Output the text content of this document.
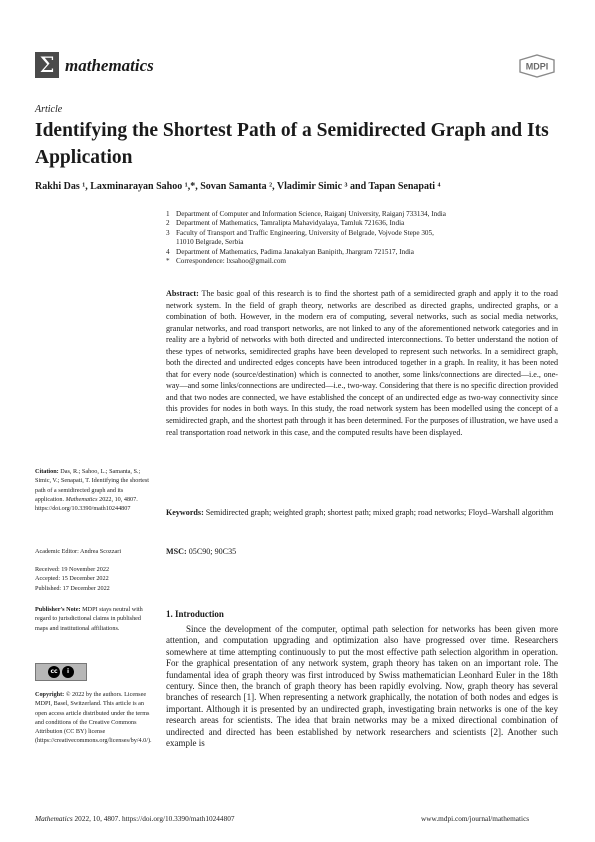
Σ mathematics	MDPI
Article
Identifying the Shortest Path of a Semidirected Graph and Its Application
Rakhi Das ¹, Laxminarayan Sahoo ¹,*, Sovan Samanta ², Vladimir Simic ³ and Tapan Senapati ⁴
1 Department of Computer and Information Science, Raiganj University, Raiganj 733134, India
2 Department of Mathematics, Tamralipta Mahavidyalaya, Tamluk 721636, India
3 Faculty of Transport and Traffic Engineering, University of Belgrade, Vojvode Stepe 305, 11010 Belgrade, Serbia
4 Department of Mathematics, Padima Janakalyan Banipith, Jhargram 721517, India
* Correspondence: lxsahoo@gmail.com
Abstract: The basic goal of this research is to find the shortest path of a semidirected graph and apply it to the road network system. In the field of graph theory, networks are described as directed graphs, undirected graphs, or a combination of both. However, in the modern era of computing, several networks, such as social media networks, granular networks, and road transport networks, are not linked to any of the aforementioned network categories and in reality are a hybrid of networks with both directed and undirected interconnections. To better understand the notion of these types of networks, semidirected graphs have been developed to represent such networks. In a semidirect graph, both the directed and undirected edges concepts have been introduced together in a graph. In reality, it has been noted that for every node (source/destination) which is connected to another, some links/connections are directed—i.e., one-way—and some links/connections are undirected—i.e., two-way. Considering that there is no specific direction provided and that two nodes are connected, we have established the concept of an undirected edge as two-way connectivity since this provides for nodes in both ways. In this study, the road network system has been modelled using the concept of a semidirected graph, and the shortest path through it has been determined. For the purposes of illustration, we have used a real transportation road network in this case, and the computed results have been displayed.
Keywords: Semidirected graph; weighted graph; shortest path; mixed graph; road networks; Floyd–Warshall algorithm
MSC: 05C90; 90C35
1. Introduction

Since the development of the computer, optimal path selection for networks has been given more attention, and computation upgrading and optimization also have progressed over time. Researchers somewhere at time attempting continuously to put the most effective path selection algorithm in operation. For the graphical presentation of any network system, graph theory has taken on an important role. The fundamental idea of graph theory was first introduced by Swiss mathematician Leonhard Euler in the 18th century. Since then, the branch of graph theory has been rapidly evolving. Now, graph theory has several branches of research [1]. When representing a network graphically, the notation of both nodes and edges is important. Although it is presented by an undirected graph, investigating brain networks is one of the key research areas for scientists. The idea that brain networks may be a mixed directional combination of undirected and directed has been established by network researchers and scientists [2]. Another such example is

Citation: Das, R.; Sahoo, L.; Samanta, S.; Simic, V.; Senapati, T. Identifying the shortest path of a semidirected graph and its application. Mathematics 2022, 10, 4807. https://doi.org/10.3390/math10244807
Academic Editor: Andrea Scozzari
Received: 19 November 2022
Accepted: 15 December 2022
Published: 17 December 2022
Publisher's Note: MDPI stays neutral with regard to jurisdictional claims in published maps and institutional affiliations.
cc	i
Copyright: © 2022 by the authors. Licensee MDPI, Basel, Switzerland. This article is an open access article distributed under the terms and conditions of the Creative Commons Attribution (CC BY) license (https://creativecommons.org/licenses/by/4.0/).
Mathematics 2022, 10, 4807. https://doi.org/10.3390/math10244807	www.mdpi.com/journal/mathematics
